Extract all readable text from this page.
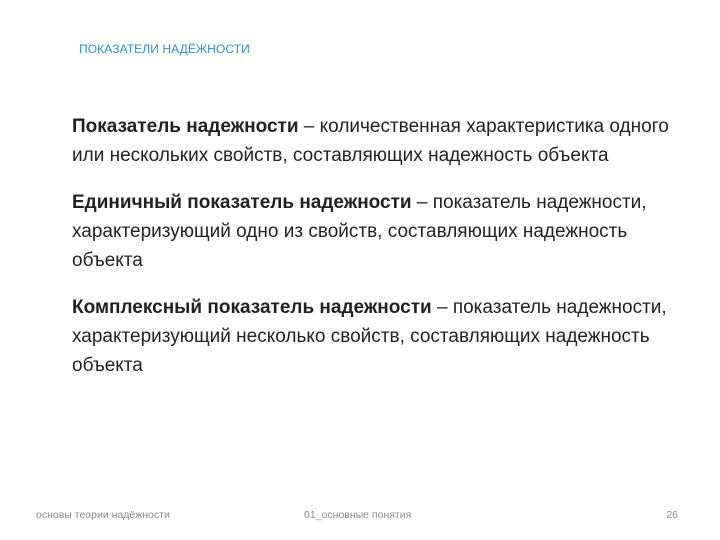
ПОКАЗАТЕЛИ НАДЁЖНОСТИ

Показатель надежности – количественная характеристика одного или нескольких свойств, составляющих надежность объекта

Единичный показатель надежности – показатель надежности, характеризующий одно из свойств, составляющих надежность объекта

Комплексный показатель надежности – показатель надежности, характеризующий несколько свойств, составляющих надежность объекта

основы теории надёжности	01_основные понятия	26
